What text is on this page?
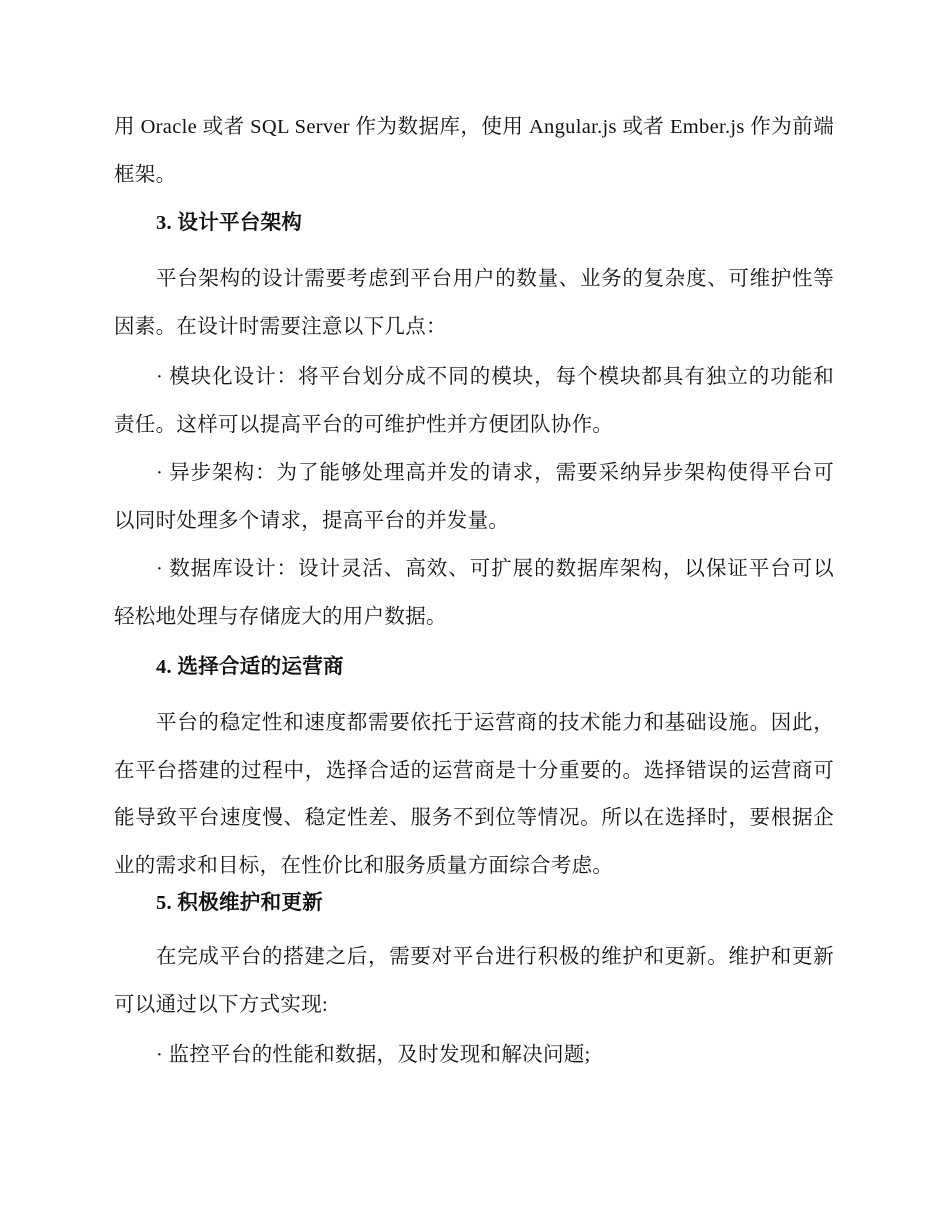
用 Oracle 或者 SQL Server 作为数据库，使用 Angular.js 或者 Ember.js 作为前端框架。

3. 设计平台架构

平台架构的设计需要考虑到平台用户的数量、业务的复杂度、可维护性等因素。在设计时需要注意以下几点：

· 模块化设计：将平台划分成不同的模块，每个模块都具有独立的功能和责任。这样可以提高平台的可维护性并方便团队协作。

· 异步架构：为了能够处理高并发的请求，需要采纳异步架构使得平台可以同时处理多个请求，提高平台的并发量。

· 数据库设计：设计灵活、高效、可扩展的数据库架构，以保证平台可以轻松地处理与存储庞大的用户数据。

4. 选择合适的运营商

平台的稳定性和速度都需要依托于运营商的技术能力和基础设施。因此，在平台搭建的过程中，选择合适的运营商是十分重要的。选择错误的运营商可能导致平台速度慢、稳定性差、服务不到位等情况。所以在选择时，要根据企业的需求和目标，在性价比和服务质量方面综合考虑。

5. 积极维护和更新

在完成平台的搭建之后，需要对平台进行积极的维护和更新。维护和更新可以通过以下方式实现:

· 监控平台的性能和数据，及时发现和解决问题;
